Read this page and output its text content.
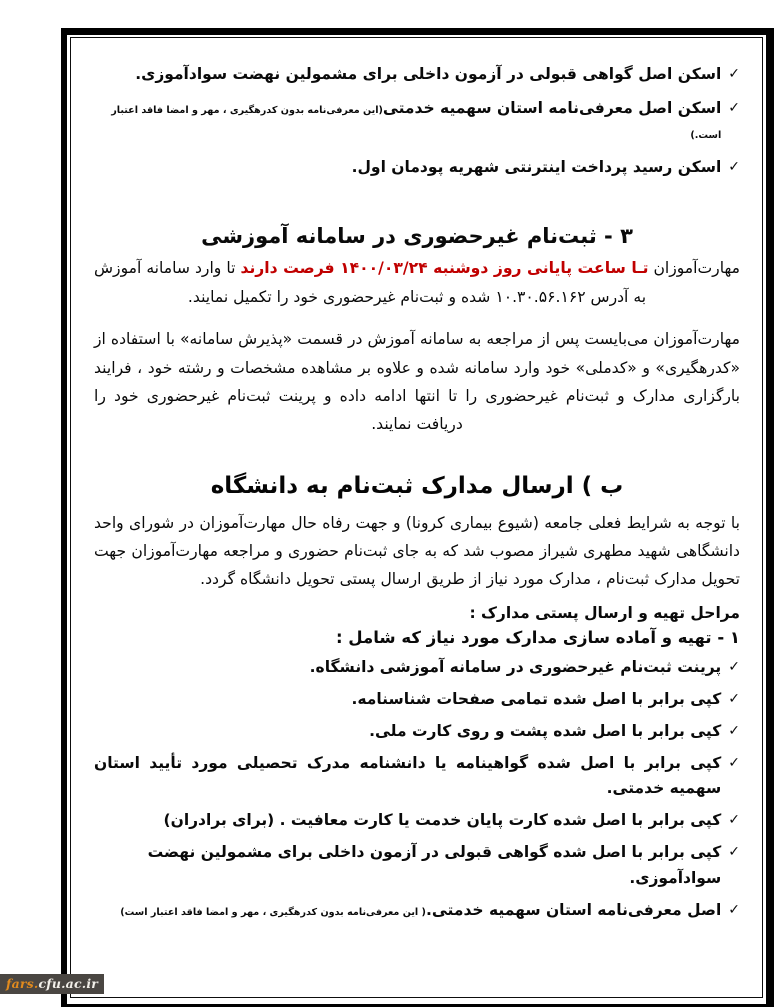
✓
اسکن اصل گواهی قبولی در آزمون داخلی برای مشمولین نهضت سوادآموزی.
✓
اسکن اصل معرفی‌نامه استان سهمیه خدمتی(این معرفی‌نامه بدون کدرهگیری ، مهر و امضا فاقد اعتبار است.)
✓
اسکن رسید پرداخت اینترنتی شهریه پودمان اول.
۳ - ثبت‌نام غیرحضوری در سامانه آموزشی

مهارت‌آموزان تـا ساعت پایانی روز دوشنبه ۱۴۰۰/۰۳/۲۴ فرصت دارند تا وارد سامانه آموزش به آدرس ۱۰.۳۰.۵۶.۱۶۲ شده و ثبت‌نام غیرحضوری خود را تکمیل نمایند.

مهارت‌آموزان می‌بایست پس از مراجعه به سامانه آموزش در قسمت «پذیرش سامانه» با استفاده از «کدرهگیری» و «کدملی» خود وارد سامانه شده و علاوه بر مشاهده مشخصات و رشته خود ، فرایند بارگزاری مدارک و ثبت‌نام غیرحضوری را تا انتها ادامه داده و پرینت ثبت‌نام غیرحضوری خود را دریافت نمایند.

ب ) ارسال مدارک ثبت‌نام به دانشگاه

با توجه به شرایط فعلی جامعه (شیوع بیماری کرونا) و جهت رفاه حال مهارت‌آموزان در شورای واحد دانشگاهی شهید مطهری شیراز مصوب شد که به جای ثبت‌نام حضوری و مراجعه مهارت‌آموزان جهت تحویل مدارک ثبت‌نام ، مدارک مورد نیاز از طریق ارسال پستی تحویل دانشگاه گردد.

مراحل تهیه و ارسال پستی مدارک :

۱ - تهیه و آماده سازی مدارک مورد نیاز که شامل :

✓
پرینت ثبت‌نام غیرحضوری در سامانه آموزشی دانشگاه.
✓
کپی برابر با اصل شده تمامی صفحات شناسنامه.
✓
کپی برابر با اصل شده پشت و روی کارت ملی.
✓
کپی برابر با اصل شده گواهینامه یا دانشنامه مدرک تحصیلی مورد تأیید استان سهمیه خدمتی.
✓
کپی برابر با اصل شده کارت پایان خدمت یا کارت معافیت . (برای برادران)
✓
کپی برابر با اصل شده گواهی قبولی در آزمون داخلی برای مشمولین نهضت سوادآموزی.
✓
اصل معرفی‌نامه استان سهمیه خدمتی.( این معرفی‌نامه بدون کدرهگیری ، مهر و امضا فاقد اعتبار است)
fars.cfu.ac.ir
